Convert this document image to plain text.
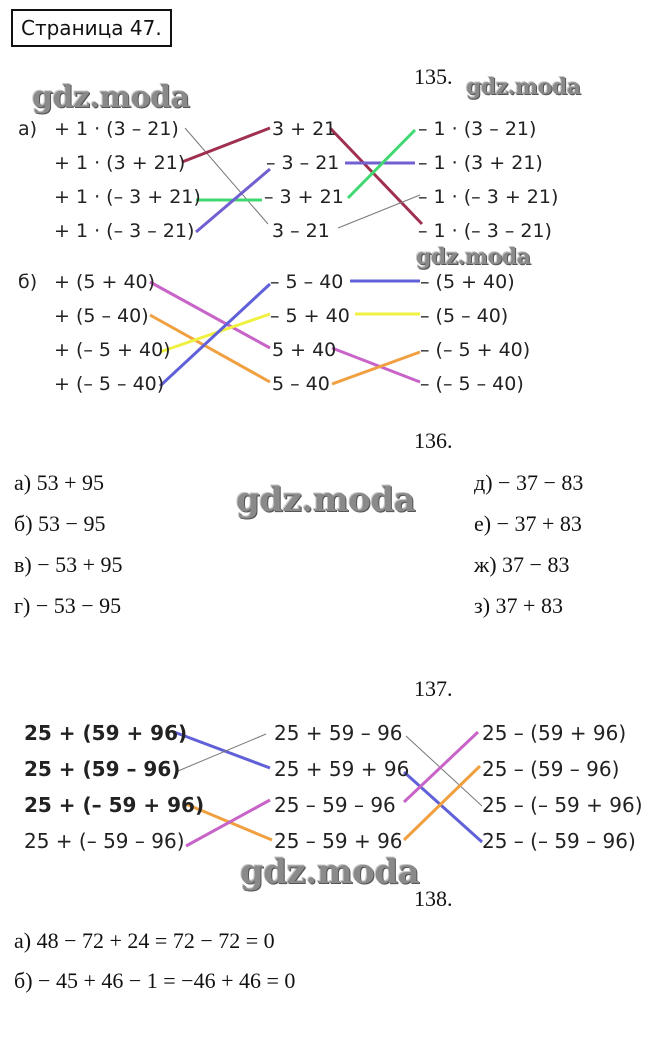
Страница 47.
gdz.moda	gdz.moda
gdz.moda
gdz.moda
gdz.moda
135.
а) + 1 · (3 – 21)
+ 1 · (3 + 21)
+ 1 · (– 3 + 21)
+ 1 · (– 3 – 21)
3 + 21
– 3 – 21
– 3 + 21
3 – 21
– 1 · (3 – 21)
– 1 · (3 + 21)
– 1 · (– 3 + 21)
– 1 · (– 3 – 21)
б) + (5 + 40)
+ (5 – 40)
+ (– 5 + 40)
+ (– 5 – 40)
– 5 – 40
– 5 + 40
5 + 40
5 – 40
– (5 + 40)
– (5 – 40)
– (– 5 + 40)
– (– 5 – 40)
136.
а) 53 + 95
б) 53 − 95
в) − 53 + 95
г) − 53 − 95
д) − 37 − 83
е) − 37 + 83
ж) 37 − 83
з) 37 + 83
137.
25 + (59 + 96)
25 + (59 – 96)
25 + (– 59 + 96)
25 + (– 59 – 96)
25 + 59 – 96
25 + 59 + 96
25 – 59 – 96
25 – 59 + 96
25 – (59 + 96)
25 – (59 – 96)
25 – (– 59 + 96)
25 – (– 59 – 96)
138.
а) 48 − 72 + 24 = 72 − 72 = 0
б) − 45 + 46 − 1 = −46 + 46 = 0
